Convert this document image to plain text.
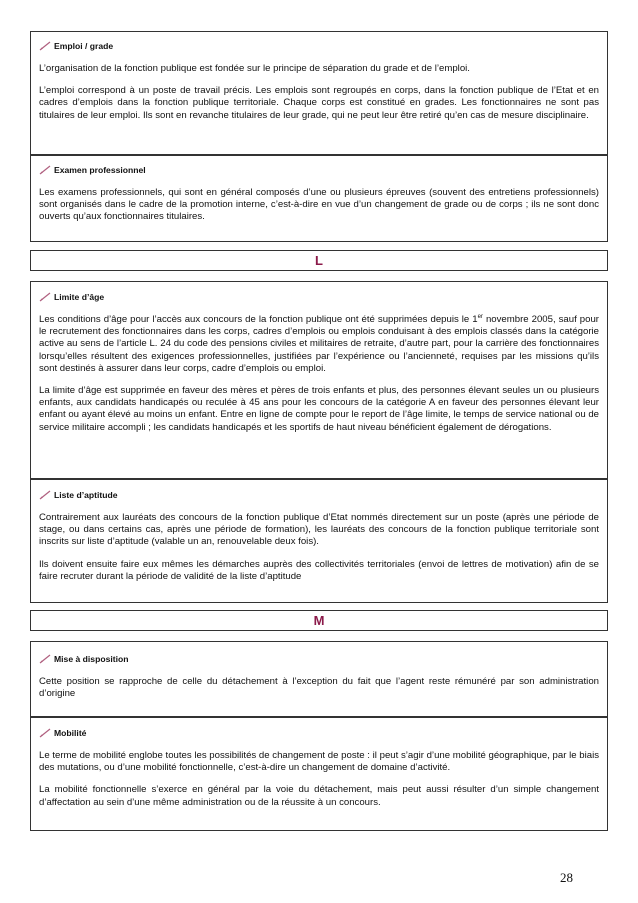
Emploi / grade

L’organisation de la fonction publique est fondée sur le principe de séparation du grade et de l’emploi.

L’emploi correspond à un poste de travail précis. Les emplois sont regroupés en corps, dans la fonction publique de l’Etat et en cadres d’emplois dans la fonction publique territoriale. Chaque corps est constitué en grades. Les fonctionnaires ne sont pas titulaires de leur emploi. Ils sont en revanche titulaires de leur grade, qui ne peut leur être retiré qu’en cas de mesure disciplinaire.

Examen professionnel

Les examens professionnels, qui sont en général composés d’une ou plusieurs épreuves (souvent des entretiens professionnels) sont organisés dans le cadre de la promotion interne, c’est-à-dire en vue d’un changement de grade ou de corps ; ils ne sont donc ouverts qu’aux fonctionnaires titulaires.

L
Limite d’âge

Les conditions d’âge pour l’accès aux concours de la fonction publique ont été supprimées depuis le 1er novembre 2005, sauf pour le recrutement des fonctionnaires dans les corps, cadres d’emplois ou emplois conduisant à des emplois classés dans la catégorie active au sens de l’article L. 24 du code des pensions civiles et militaires de retraite, d’autre part, pour la carrière des fonctionnaires lorsqu’elles résultent des exigences professionnelles, justifiées par l’expérience ou l’ancienneté, requises par les missions qu’ils sont destinés à assurer dans leur corps, cadre d’emplois ou emploi.

La limite d’âge est supprimée en faveur des mères et pères de trois enfants et plus, des personnes élevant seules un ou plusieurs enfants, aux candidats handicapés ou reculée à 45 ans pour les concours de la catégorie A en faveur des personnes élevant leur enfant ou ayant élevé au moins un enfant. Entre en ligne de compte pour le report de l’âge limite, le temps de service national ou de service militaire accompli ; les candidats handicapés et les sportifs de haut niveau bénéficient également de dérogations.

Liste d’aptitude

Contrairement aux lauréats des concours de la fonction publique d’Etat nommés directement sur un poste (après une période de stage, ou dans certains cas, après une période de formation), les lauréats des concours de la fonction publique territoriale sont inscrits sur liste d’aptitude (valable un an, renouvelable deux fois).

Ils doivent ensuite faire eux mêmes les démarches auprès des collectivités territoriales (envoi de lettres de motivation) afin de se faire recruter durant la période de validité de la liste d’aptitude

M
Mise à disposition

Cette position se rapproche de celle du détachement à l’exception du fait que l’agent reste rémunéré par son administration d’origine

Mobilité

Le terme de mobilité englobe toutes les possibilités de changement de poste : il peut s’agir d’une mobilité géographique, par le biais des mutations, ou d’une mobilité fonctionnelle, c’est-à-dire un changement de domaine d’activité.

La mobilité fonctionnelle s’exerce en général par la voie du détachement, mais peut aussi résulter d’un simple changement d’affectation au sein d’une même administration ou de la réussite à un concours.

28
